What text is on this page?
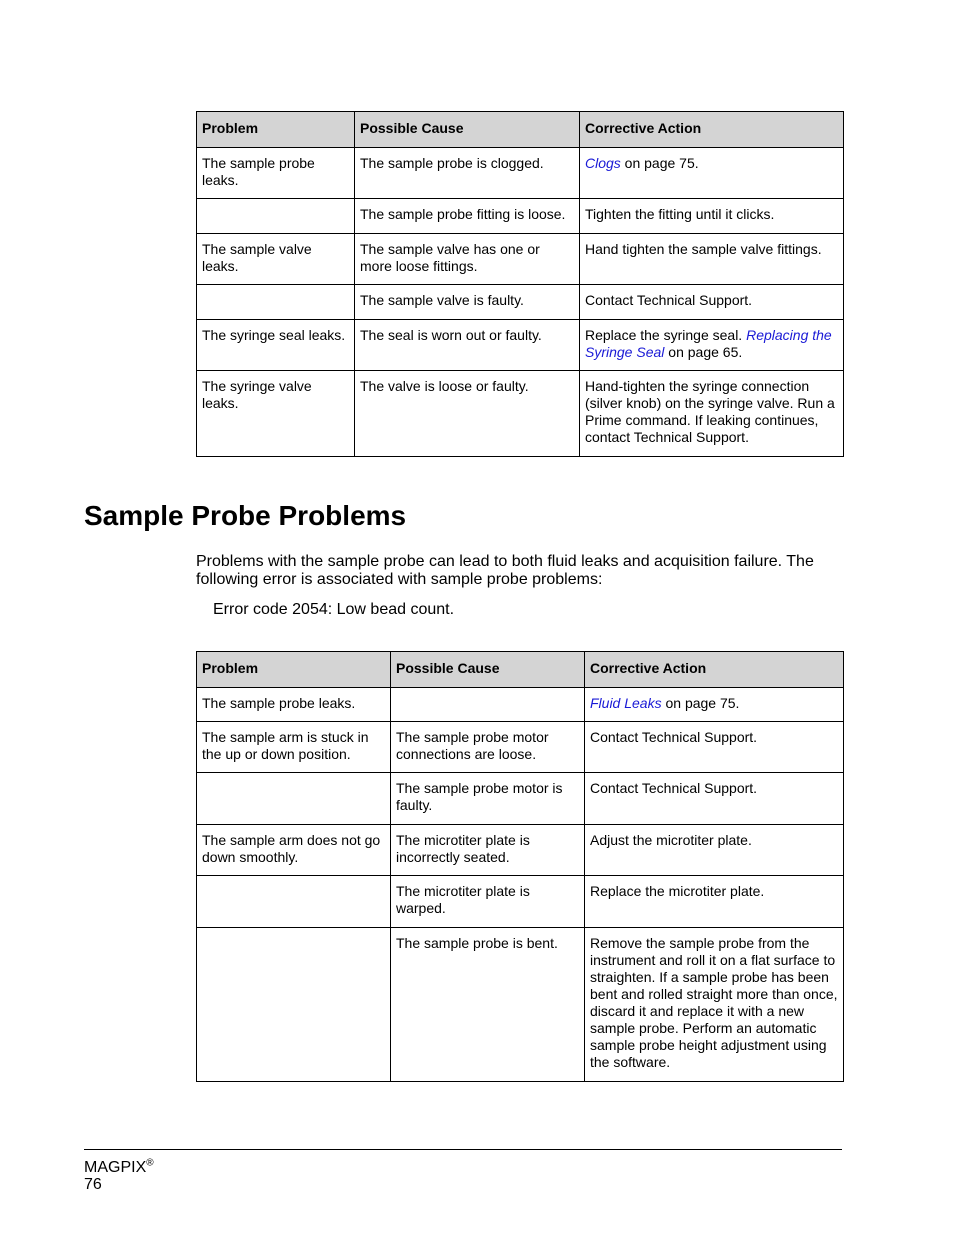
Problem	Possible Cause	Corrective Action
The sample probe leaks.	The sample probe is clogged.	Clogs on page 75.
	The sample probe fitting is loose.	Tighten the fitting until it clicks.
The sample valve leaks.	The sample valve has one or more loose fittings.	Hand tighten the sample valve fittings.
	The sample valve is faulty.	Contact Technical Support.
The syringe seal leaks.	The seal is worn out or faulty.	Replace the syringe seal. Replacing the Syringe Seal on page 65.
The syringe valve leaks.	The valve is loose or faulty.	Hand-tighten the syringe connection (silver knob) on the syringe valve. Run a Prime command. If leaking continues, contact Technical Support.
Sample Probe Problems

Problems with the sample probe can lead to both fluid leaks and acquisition failure. The following error is associated with sample probe problems:

Error code 2054: Low bead count.

Problem	Possible Cause	Corrective Action
The sample probe leaks.		Fluid Leaks on page 75.
The sample arm is stuck in the up or down position.	The sample probe motor connections are loose.	Contact Technical Support.
	The sample probe motor is faulty.	Contact Technical Support.
The sample arm does not go down smoothly.	The microtiter plate is incorrectly seated.	Adjust the microtiter plate.
	The microtiter plate is warped.	Replace the microtiter plate.
	The sample probe is bent.	Remove the sample probe from the instrument and roll it on a flat surface to straighten. If a sample probe has been bent and rolled straight more than once, discard it and replace it with a new sample probe. Perform an automatic sample probe height adjustment using the software.
MAGPIX®
76
